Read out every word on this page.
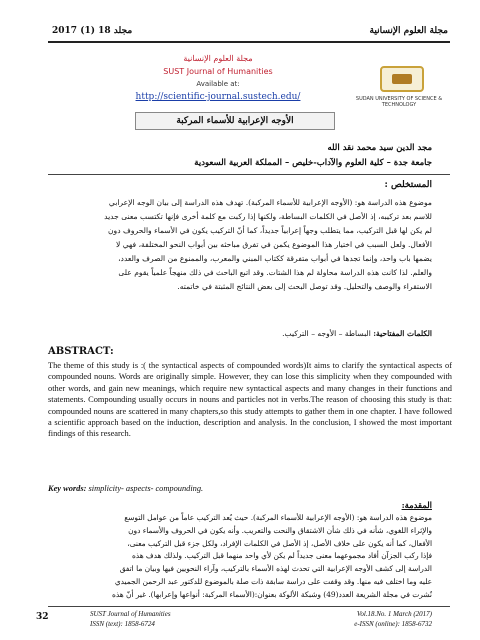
مجلة العلوم الإنسانية
مجلد 18 (1) 2017
SUDAN UNIVERSITY OF SCIENCE & TECHNOLOGY
مجلة العلوم الإنسانية
SUST Journal of Humanities
Available at:
http://scientific-journal.sustech.edu/
الأوجه الإعرابية للأسماء المركبة
مجد الدين سيد محمد نقد الله
جامعة جدة – كلية العلوم والآداب-خليص – المملكة العربية السعودية
المستخلص :
موضوع هذه الدراسة هو: (الأوجه الإعرابية للأسماء المركبة). تهدف هذه الدراسة إلى بيان الوجه الإعرابي
للاسم بعد تركيبه، إذ الأصل في الكلمات البساطة، ولكنها إذا ركبت مع كلمة أخرى فإنها تكتسب معنى جديد
لم يكن لها قبل التركيب، مما يتطلب وجهاً إعرابياً جديداً، كما أنّ التركيب يكون في الأسماء والحروف دون
الأفعال. ولعل السبب في اختيار هذا الموضوع يكمن في تفرق مباحثه بين أبواب النحو المختلفة، فهي لا
يضمها باب واحد، وإنما تجدها في أبواب متفرقة ككتاب المبني والمعرب، والممنوع من الصرف والعدد،
والعلم. لذا كانت هذه الدراسة محاولة لم هذا الشتات. وقد اتبع الباحث في ذلك منهجاً علمياً يقوم على
الاستقراء والوصف والتحليل. وقد توصل البحث إلى بعض النتائج المثبتة في خاتمته.
الكلمات المفتاحية: البساطة – الأوجه – التركيب.
ABSTRACT:
The theme of this study is :( the syntactical aspects of compounded words)It aims to clarify the syntactical aspects of compounded nouns. Words are originally simple. However, they can lose this simplicity when they compounded with other words, and gain new meanings, which require new syntactical aspects and many changes in their functions and statements. Compounding usually occurs in nouns and particles not in verbs.The reason of choosing this study is that: compounded nouns are scattered in many chapters,so this study attempts to gather them in one chapter. I have followed a scientific approach based on the induction, description and analysis. In the conclusion, I showed the most important findings of this research.
Key words: simplicity- aspects- compounding.
المقدمة:
موضوع هذه الدراسة هو: (الأوجه الإعرابية للأسماء المركبة). حيث يُعد التركيب عاماً من عوامل التوسع
والإثراء اللغوي، شأنه في ذلك شأن الاشتقاق والنحت والتعريب. وأنه يكون في الحروف والأسماء دون
الأفعال، كما أنه يكون على خلاف الأصل، إذ الأصل في الكلمات الإفراد، ولكل جزء قبل التركيب معنى،
فإذا ركب الجزآن أفاد مجموعهما معنى جديداً لم يكن لأي واحد منهما قبل التركيب. ولذلك هدف هذه
الدراسة إلى كشف الأوجه الإعرابية التي تحدث لهذه الأسماء بالتركيب، وآراء النحويين فيها وبيان ما اتفق
عليه وما اختلف فيه منها. وقد وقفت على دراسة سابقة ذات صلة بالموضوع للدكتور عبد الرحمن الجميدي
نُشرت في مجلة الشريعة العدد(49) وشبكة الألوكة بعنوان:(الأسماء المركبة: أنواعها وإعرابها). غير أنّ هذه
32	SUST Journal of Humanities
ISSN (text): 1858-6724
Vol.18.No. 1 March (2017)
e-ISSN (online): 1858-6732
